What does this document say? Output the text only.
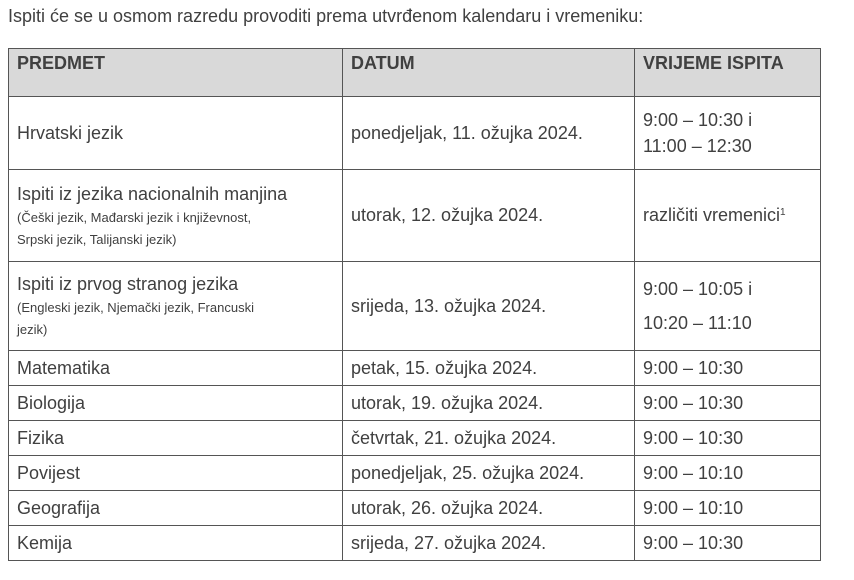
Ispiti će se u osmom razredu provoditi prema utvrđenom kalendaru i vremeniku:
PREDMET	DATUM	VRIJEME ISPITA

Hrvatski jezik	ponedjeljak, 11. ožujka 2024.	9:00 – 10:30 i
11:00 – 12:30

Ispiti iz jezika nacionalnih manjina
(Češki jezik, Mađarski jezik i književnost,
Srpski jezik, Talijanski jezik)	utorak, 12. ožujka 2024.	različiti vremenici$^1$

Ispiti iz prvog stranog jezika
(Engleski jezik, Njemački jezik, Francuski
jezik)	srijeda, 13. ožujka 2024.	9:00 – 10:05 i
10:20 – 11:10

Matematika	petak, 15. ožujka 2024.	9:00 – 10:30
Biologija	utorak, 19. ožujka 2024.	9:00 – 10:30
Fizika	četvrtak, 21. ožujka 2024.	9:00 – 10:30
Povijest	ponedjeljak, 25. ožujka 2024.	9:00 – 10:10
Geografija	utorak, 26. ožujka 2024.	9:00 – 10:10
Kemija	srijeda, 27. ožujka 2024.	9:00 – 10:30
